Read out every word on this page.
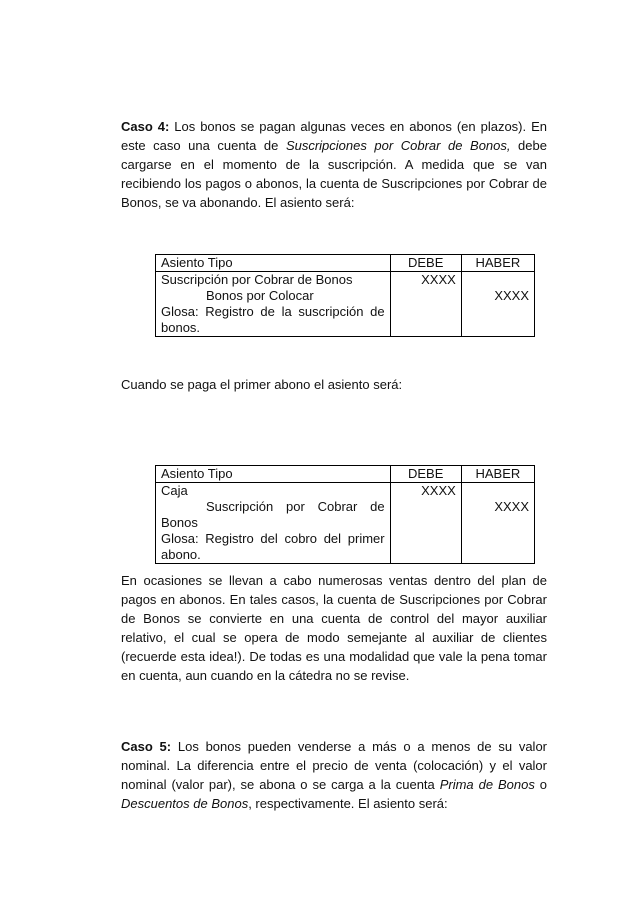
Caso 4: Los bonos se pagan algunas veces en abonos (en plazos). En este caso una cuenta de Suscripciones por Cobrar de Bonos, debe cargarse en el momento de la suscripción. A medida que se van recibiendo los pagos o abonos, la cuenta de Suscripciones por Cobrar de Bonos, se va abonando. El asiento será:

Asiento Tipo	DEBE	HABER

Suscripción por Cobrar de Bonos
Bonos por Colocar
Glosa: Registro de la suscripción de
bonos.	XXXX	XXXX

Cuando se paga el primer abono el asiento será:

Asiento Tipo	DEBE	HABER

Caja
Suscripción por Cobrar de
Bonos
Glosa: Registro del cobro del primer
abono.	XXXX	XXXX

En ocasiones se llevan a cabo numerosas ventas dentro del plan de pagos en abonos. En tales casos, la cuenta de Suscripciones por Cobrar de Bonos se convierte en una cuenta de control del mayor auxiliar relativo, el cual se opera de modo semejante al auxiliar de clientes (recuerde esta idea!). De todas es una modalidad que vale la pena tomar en cuenta, aun cuando en la cátedra no se revise.

Caso 5: Los bonos pueden venderse a más o a menos de su valor nominal. La diferencia entre el precio de venta (colocación) y el valor nominal (valor par), se abona o se carga a la cuenta Prima de Bonos o Descuentos de Bonos, respectivamente. El asiento será:
